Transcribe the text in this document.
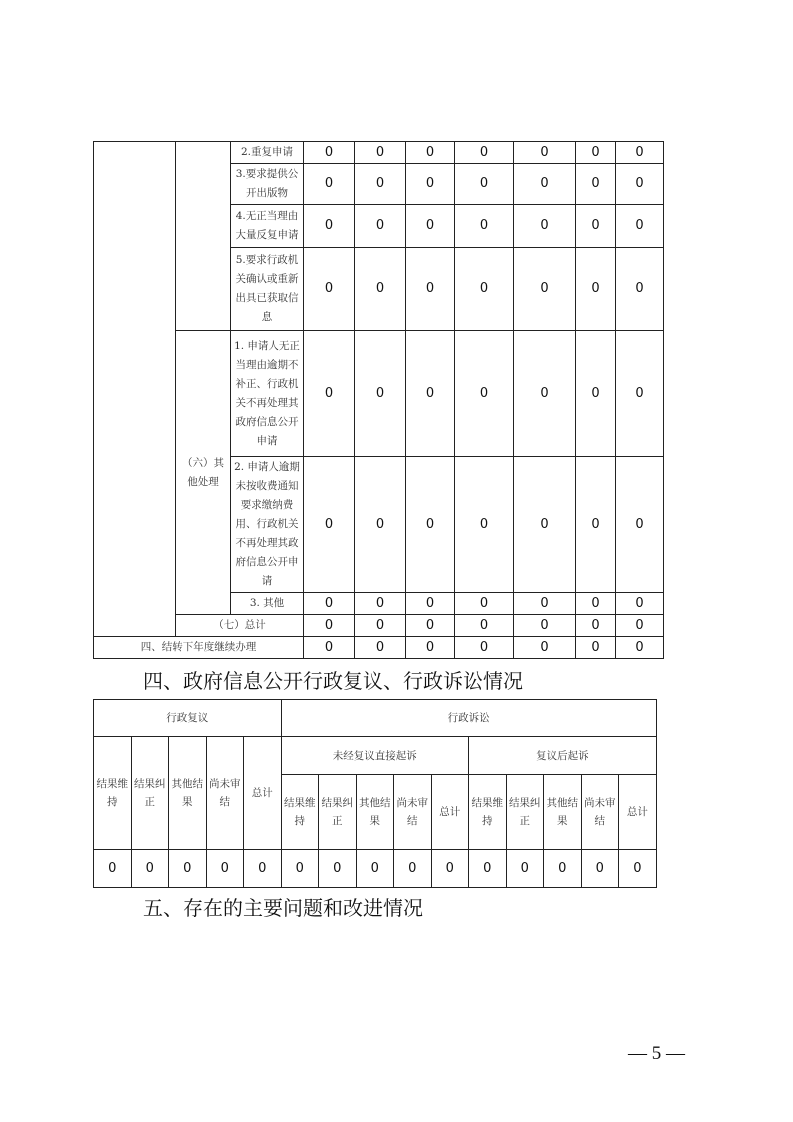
		2.重复申请	0	0	0	0	0	0	0
		3.要求提供公开出版物	0	0	0	0	0	0	0
		4.无正当理由大量反复申请	0	0	0	0	0	0	0
		5.要求行政机关确认或重新出具已获取信息	0	0	0	0	0	0	0
	（六）其他处理	1. 申请人无正当理由逾期不补正、行政机关不再处理其政府信息公开申请	0	0	0	0	0	0	0
		2. 申请人逾期未按收费通知要求缴纳费用、行政机关不再处理其政府信息公开申请	0	0	0	0	0	0	0
		3. 其他	0	0	0	0	0	0	0
	（七）总计		0	0	0	0	0	0	0
四、结转下年度继续办理			0	0	0	0	0	0	0
四、政府信息公开行政复议、行政诉讼情况
行政复议					行政诉讼									
结果维持	结果纠正	其他结果	尚未审结	总计	未经复议直接起诉					复议后起诉				
					结果维持	结果纠正	其他结果	尚未审结	总计	结果维持	结果纠正	其他结果	尚未审结	总计
0	0	0	0	0	0	0	0	0	0	0	0	0	0	0
五、存在的主要问题和改进情况
— 5 —
